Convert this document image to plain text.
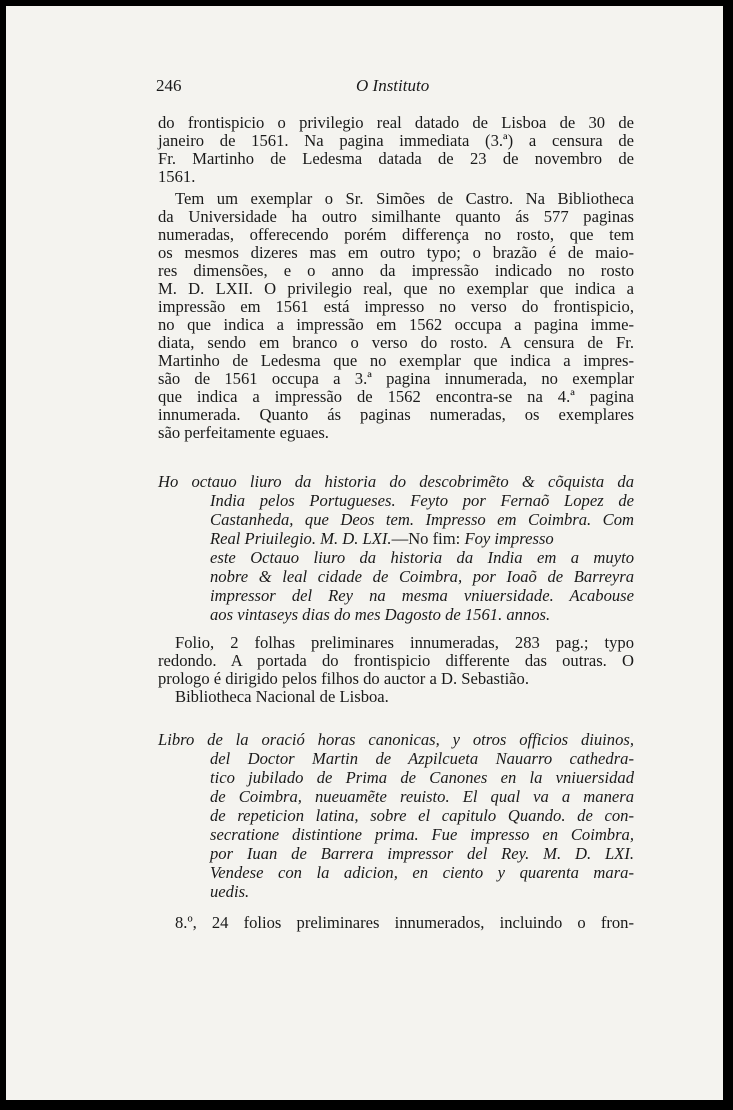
246	O Instituto
do frontispicio o privilegio real datado de Lisboa de 30 de
janeiro de 1561. Na pagina immediata (3.ª) a censura de
Fr. Martinho de Ledesma datada de 23 de novembro de
1561.
Tem um exemplar o Sr. Simões de Castro. Na Bibliotheca
da Universidade ha outro similhante quanto ás 577 paginas
numeradas, offerecendo porém differença no rosto, que tem
os mesmos dizeres mas em outro typo; o brazão é de maio-
res dimensões, e o anno da impressão indicado no rosto
M. D. LXII. O privilegio real, que no exemplar que indica a
impressão em 1561 está impresso no verso do frontispicio,
no que indica a impressão em 1562 occupa a pagina imme-
diata, sendo em branco o verso do rosto. A censura de Fr.
Martinho de Ledesma que no exemplar que indica a impres-
são de 1561 occupa a 3.ª pagina innumerada, no exemplar
que indica a impressão de 1562 encontra-se na 4.ª pagina
innumerada. Quanto ás paginas numeradas, os exemplares
são perfeitamente eguaes.
Ho octauo liuro da historia do descobrimẽto & cõquista da
India pelos Portugueses. Feyto por Fernaõ Lopez de
Castanheda, que Deos tem. Impresso em Coimbra. Com
Real Priuilegio. M. D. LXI.—No fim: Foy impresso
este Octauo liuro da historia da India em a muyto
nobre & leal cidade de Coimbra, por Ioaõ de Barreyra
impressor del Rey na mesma vniuersidade. Acabouse
aos vintaseys dias do mes Dagosto de 1561. annos.
Folio, 2 folhas preliminares innumeradas, 283 pag.; typo
redondo. A portada do frontispicio differente das outras. O
prologo é dirigido pelos filhos do auctor a D. Sebastião.
Bibliotheca Nacional de Lisboa.
Libro de la oració horas canonicas, y otros officios diuinos,
del Doctor Martin de Azpilcueta Nauarro cathedra-
tico jubilado de Prima de Canones en la vniuersidad
de Coimbra, nueuamẽte reuisto. El qual va a manera
de repeticion latina, sobre el capitulo Quando. de con-
secratione distintione prima. Fue impresso en Coimbra,
por Iuan de Barrera impressor del Rey. M. D. LXI.
Vendese con la adicion, en ciento y quarenta mara-
uedis.
8.º, 24 folios preliminares innumerados, incluindo o fron-
